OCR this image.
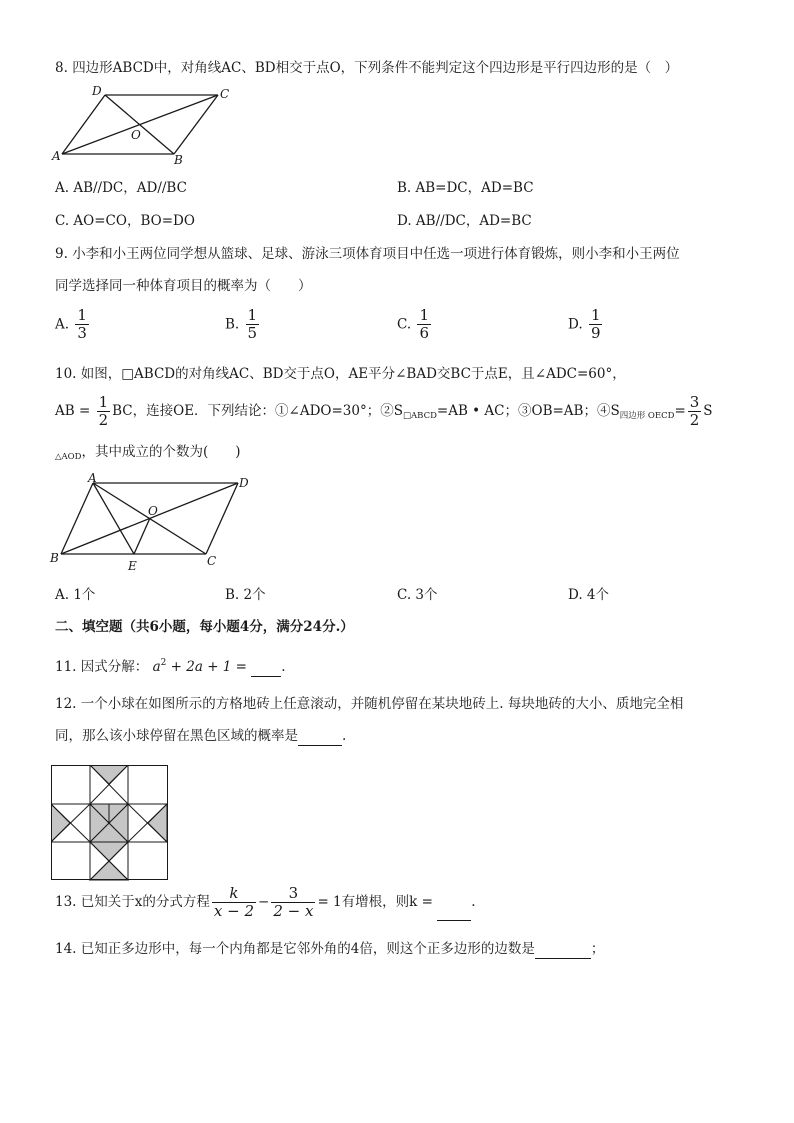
8. 四边形ABCD中，对角线AC、BD相交于点O，下列条件不能判定这个四边形是平行四边形的是（　）
A
D	C
B
O
A. AB//DC，AD//BC	B. AB=DC，AD=BC
C. AO=CO，BO=DO	D. AB//DC，AD=BC
9. 小李和小王两位同学想从篮球、足球、游泳三项体育项目中任选一项进行体育锻炼，则小李和小王两位
同学选择同一种体育项目的概率为（　　）
A. $\frac{1}{3}$	B. $\frac{1}{5}$	C. $\frac{1}{6}$	D. $\frac{1}{9}$
10. 如图，□ABCD的对角线AC、BD交于点O，AE平分∠BAD交BC于点E，且∠ADC=60°，
AB = $\frac{1}{2}$ BC，连接OE．下列结论：①∠ADO=30°；$②S_{□ABCD}=AB$ • AC；③OB=AB；$④S_{四边形 OECD}= \frac{3}{2}$ S
$_{\triangle AOD}$，其中成立的个数为(　　)
A	D
B	C
E
O
A. 1个	B. 2个	C. 3个	D. 4个
二、填空题（共6小题，每小题4分，满分24分.）
11. 因式分解： $a^2 + 2a + 1$ =	.
12. 一个小球在如图所示的方格地砖上任意滚动，并随机停留在某块地砖上. 每块地砖的大小、质地完全相
同，那么该小球停留在黑色区域的概率是	.
13. 已知关于x的分式方程 $\frac{k}{x - 2} - \frac{3}{2 - x} = 1$有增根，则k =	.
14. 已知正多边形中，每一个内角都是它邻外角的4倍，则这个正多边形的边数是	；
